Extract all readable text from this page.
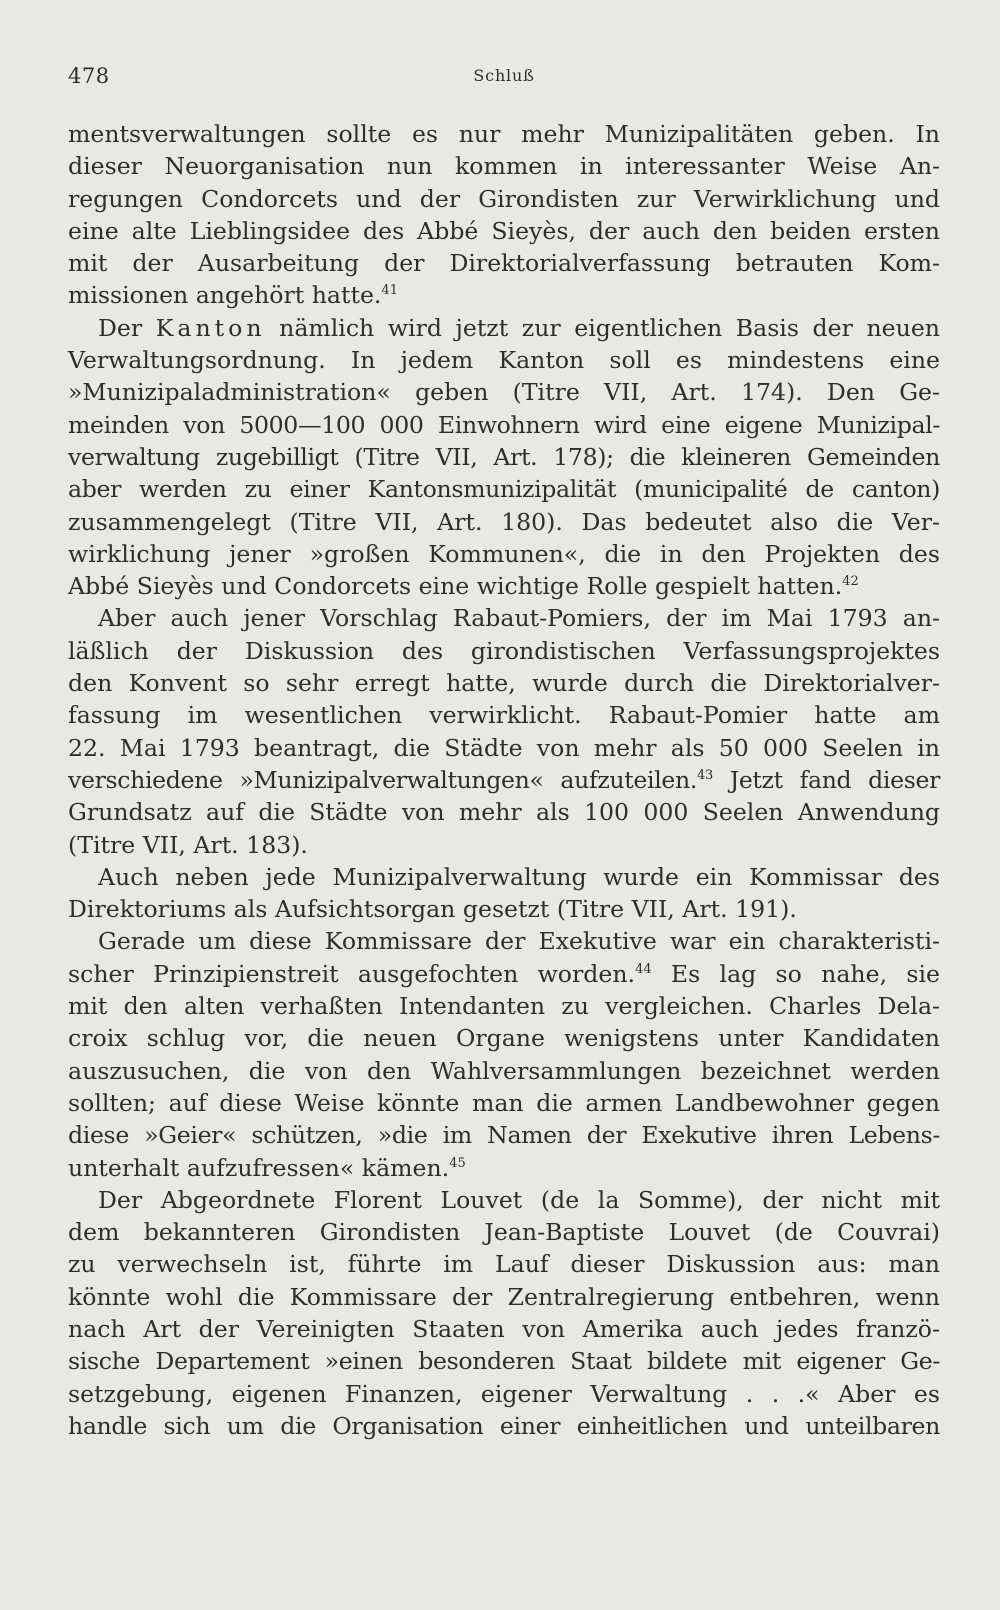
478	Schluß
mentsverwaltungen sollte es nur mehr Munizipalitäten geben. In
dieser Neuorganisation nun kommen in interessanter Weise An-
regungen Condorcets und der Girondisten zur Verwirklichung und
eine alte Lieblingsidee des Abbé Sieyès, der auch den beiden ersten
mit der Ausarbeitung der Direktorialverfassung betrauten Kom-
missionen angehört hatte.$^{41}$
Der Kanton nämlich wird jetzt zur eigentlichen Basis der neuen
Verwaltungsordnung. In jedem Kanton soll es mindestens eine
»Munizipaladministration« geben (Titre VII, Art. 174). Den Ge-
meinden von 5000—100 000 Einwohnern wird eine eigene Munizipal-
verwaltung zugebilligt (Titre VII, Art. 178); die kleineren Gemeinden
aber werden zu einer Kantonsmunizipalität (municipalité de canton)
zusammengelegt (Titre VII, Art. 180). Das bedeutet also die Ver-
wirklichung jener »großen Kommunen«, die in den Projekten des
Abbé Sieyès und Condorcets eine wichtige Rolle gespielt hatten.$^{42}$
Aber auch jener Vorschlag Rabaut-Pomiers, der im Mai 1793 an-
läßlich der Diskussion des girondistischen Verfassungsprojektes
den Konvent so sehr erregt hatte, wurde durch die Direktorialver-
fassung im wesentlichen verwirklicht. Rabaut-Pomier hatte am
22. Mai 1793 beantragt, die Städte von mehr als 50 000 Seelen in
verschiedene »Munizipalverwaltungen« aufzuteilen.$^{43}$ Jetzt fand dieser
Grundsatz auf die Städte von mehr als 100 000 Seelen Anwendung
(Titre VII, Art. 183).
Auch neben jede Munizipalverwaltung wurde ein Kommissar des
Direktoriums als Aufsichtsorgan gesetzt (Titre VII, Art. 191).
Gerade um diese Kommissare der Exekutive war ein charakteristi-
scher Prinzipienstreit ausgefochten worden.$^{44}$ Es lag so nahe, sie
mit den alten verhaßten Intendanten zu vergleichen. Charles Dela-
croix schlug vor, die neuen Organe wenigstens unter Kandidaten
auszusuchen, die von den Wahlversammlungen bezeichnet werden
sollten; auf diese Weise könnte man die armen Landbewohner gegen
diese »Geier« schützen, »die im Namen der Exekutive ihren Lebens-
unterhalt aufzufressen« kämen.$^{45}$
Der Abgeordnete Florent Louvet (de la Somme), der nicht mit
dem bekannteren Girondisten Jean-Baptiste Louvet (de Couvrai)
zu verwechseln ist, führte im Lauf dieser Diskussion aus: man
könnte wohl die Kommissare der Zentralregierung entbehren, wenn
nach Art der Vereinigten Staaten von Amerika auch jedes franzö-
sische Departement »einen besonderen Staat bildete mit eigener Ge-
setzgebung, eigenen Finanzen, eigener Verwaltung . . .« Aber es
handle sich um die Organisation einer einheitlichen und unteilbaren
